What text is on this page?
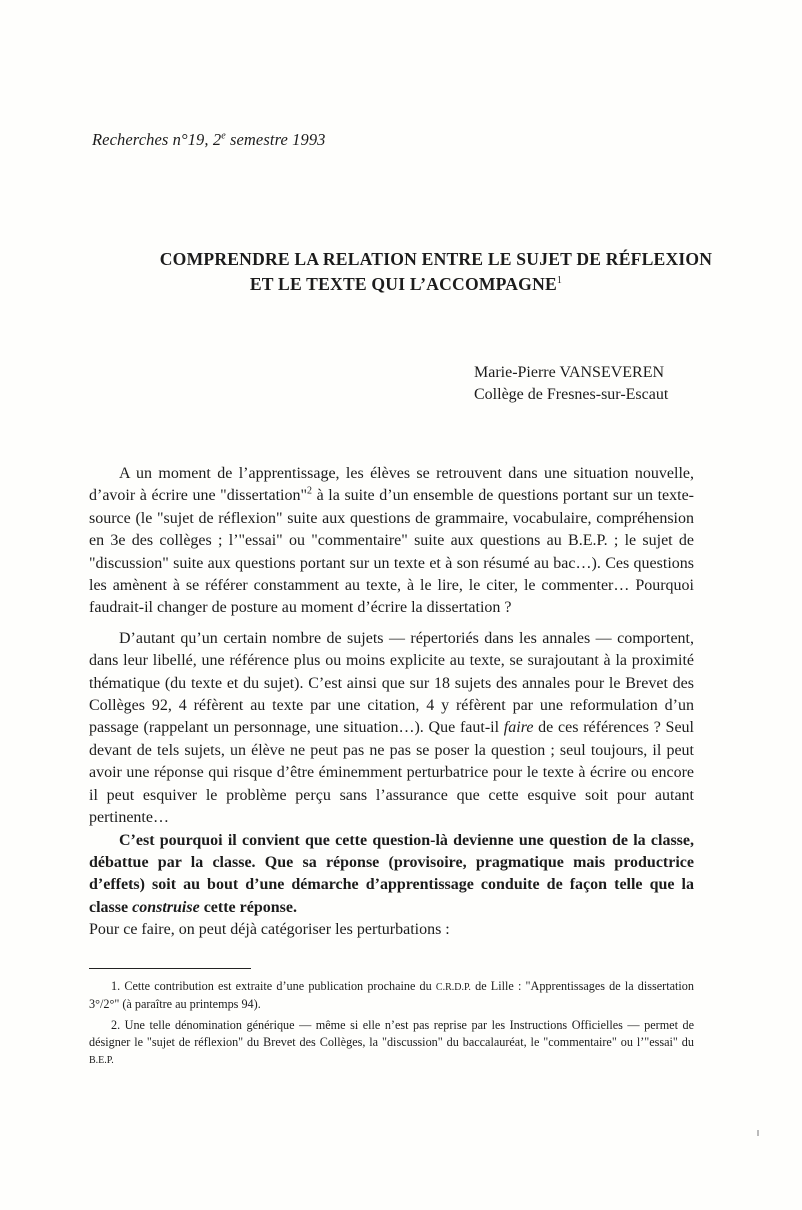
Recherches n°19, 2e semestre 1993
COMPRENDRE LA RELATION ENTRE LE SUJET DE RÉFLEXION
ET LE TEXTE QUI L’ACCOMPAGNE$^1$
Marie-Pierre VANSEVEREN
Collège de Fresnes-sur-Escaut

A un moment de l’apprentissage, les élèves se retrouvent dans une situation nouvelle, d’avoir à écrire une "dissertation"$^2$ à la suite d’un ensemble de questions portant sur un texte-source (le "sujet de réflexion" suite aux questions de grammaire, vocabulaire, compréhension en 3e des collèges ; l’"essai" ou "commentaire" suite aux questions au B.E.P. ; le sujet de "discussion" suite aux questions portant sur un texte et à son résumé au bac…). Ces questions les amènent à se référer constamment au texte, à le lire, le citer, le commenter… Pourquoi faudrait-il changer de posture au moment d’écrire la dissertation ?

D’autant qu’un certain nombre de sujets — répertoriés dans les annales — comportent, dans leur libellé, une référence plus ou moins explicite au texte, se surajoutant à la proximité thématique (du texte et du sujet). C’est ainsi que sur 18 sujets des annales pour le Brevet des Collèges 92, 4 réfèrent au texte par une citation, 4 y réfèrent par une reformulation d’un passage (rappelant un personnage, une situation…). Que faut-il faire de ces références ? Seul devant de tels sujets, un élève ne peut pas ne pas se poser la question ; seul toujours, il peut avoir une réponse qui risque d’être éminemment perturbatrice pour le texte à écrire ou encore il peut esquiver le problème perçu sans l’assurance que cette esquive soit pour autant pertinente…

C’est pourquoi il convient que cette question-là devienne une question de la classe, débattue par la classe. Que sa réponse (provisoire, pragmatique mais productrice d’effets) soit au bout d’une démarche d’apprentissage conduite de façon telle que la classe construise cette réponse.

Pour ce faire, on peut déjà catégoriser les perturbations :

1. Cette contribution est extraite d’une publication prochaine du C.R.D.P. de Lille : "Apprentissages de la dissertation 3°/2°" (à paraître au printemps 94).

2. Une telle dénomination générique — même si elle n’est pas reprise par les Instructions Officielles — permet de désigner le "sujet de réflexion" du Brevet des Collèges, la "discussion" du baccalauréat, le "commentaire" ou l’"essai" du B.E.P.
